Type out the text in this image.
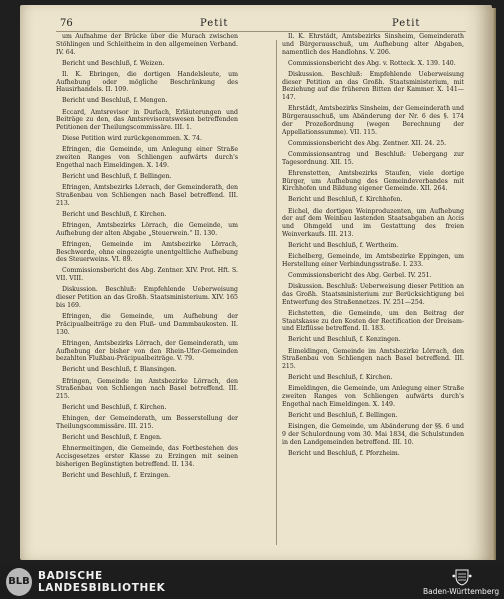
76	Petit	Petit

um Aufnahme der Brücke über die Murach zwischen Stöhlingen und Schleitheim in den allgemeinen Verband. IV. 64.

Bericht und Beschluß, f. Weizen.

Il. K. Ebringen, die dortigen Handelsleute, um Aufhebung oder mögliche Beschränkung des Hausirhandels. II. 109.

Bericht und Beschluß, f. Mengen.

Eccard, Amtsrevisor in Durlach, Erläuterungen und Beiträge zu den, das Amtsrevisoratswesen betreffenden Petitionen der Theilungscommissäre. III. 1.

Diese Petition wird zurückgenommen. X. 74.

Efringen, die Gemeinde, um Anlegung einer Straße zweiten Ranges von Schliengen aufwärts durch's Engethal nach Eimeldingen. X. 149.

Bericht und Beschluß, f. Bellingen.

Efringen, Amtsbezirks Lörrach, der Gemeinderath, den Straßenbau von Schliengen nach Basel betreffend. III. 213.

Bericht und Beschluß, f. Kirchen.

Efringen, Amtsbezirks Lörrach, die Gemeinde, um Aufhebung der alten Abgabe „Steuerwein.“ II. 130.

Efringen, Gemeinde im Amtsbezirke Lörrach, Beschwerde, ohne eingezeigte unentgeltliche Aufhebung des Steuerweins. VI. 89.

Commissionsbericht des Abg. Zentner. XIV. Prot. Hft. S. VII. VIII.

Diskussion. Beschluß: Empfehlende Ueberweisung dieser Petition an das Großh. Staatsministerium. XIV. 165 bis 169.

Efringen, die Gemeinde, um Aufhebung der Präcipualbeiträge zu den Fluß- und Dammbaukosten. II. 130.

Efringen, Amtsbezirks Lörrach, der Gemeinderath, um Aufhebung der bisher von den Rhein-Ufer-Gemeinden bezahlten Flußbau-Präcipualbeiträge. V. 79.

Bericht und Beschluß, f. Blansingen.

Efringen, Gemeinde im Amtsbezirke Lörrach, den Straßenbau von Schliengen nach Basel betreffend. III. 215.

Bericht und Beschluß, f. Kirchen.

Ehingen, der Gemeinderath, um Besserstellung der Theilungscommissäre. III. 215.

Bericht und Beschluß, f. Engen.

Ehnermeitingen, die Gemeinde, das Fortbestehen des Accisgesetzes erster Klasse zu Erzingen mit seinen bisherigen Begünstigten betreffend. II. 134.

Bericht und Beschluß, f. Erzingen.

Il. K. Ehrstädt, Amtsbezirks Sinsheim, Gemeinderath und Bürgerausschuß, um Aufhebung alter Abgaben, namentlich des Handlohns. V. 206.

Commissionsbericht des Abg. v. Rotteck. X. 139. 140.

Diskussion. Beschluß: Empfehlende Ueberweisung dieser Petition an das Großh. Staatsministerium, mit Beziehung auf die früheren Bitten der Kammer. X. 141—147.

Ehrstädt, Amtsbezirks Sinsheim, der Gemeinderath und Bürgerausschuß, um Abänderung der Nr. 6 des §. 174 der Prozeßordnung (wegen Berechnung der Appellationssumme). VII. 115.

Commissionsbericht des Abg. Zentner. XII. 24. 25.

Commissionsantrag und Beschluß: Uebergang zur Tagesordnung. XII. 15.

Ehrenstetten, Amtsbezirks Staufen, viele dortige Bürger, um Aufhebung des Gemeindeverbandes mit Kirchhofen und Bildung eigener Gemeinde. XII. 264.

Bericht und Beschluß, f. Kirchhofen.

Eichel, die dortigen Weinproduzenten, um Aufhebung der auf dem Weinbau lastenden Staatsabgaben an Accis und Ohmgeld und im Gestattung des freien Weinverkaufs. III. 213.

Bericht und Beschluß, f. Wertheim.

Eichelberg, Gemeinde, im Amtsbezirke Eppingen, um Herstellung einer Verbindungsstraße. I. 233.

Commissionsbericht des Abg. Gerbel. IV. 251.

Diskussion. Beschluß: Ueberweisung dieser Petition an das Großh. Staatsministerium zur Berücksichtigung bei Entwerfung des Straßennetzes. IV. 251—254.

Eichstetten, die Gemeinde, um den Beitrag der Staatskasse zu den Kosten der Rectification der Dreisam- und Elzflüsse betreffend. II. 183.

Bericht und Beschluß, f. Kenzingen.

Eimeldingen, Gemeinde im Amtsbezirke Lörrach, den Straßenbau von Schliengen nach Basel betreffend. III. 215.

Bericht und Beschluß, f. Kirchen.

Eimeldingen, die Gemeinde, um Anlegung einer Straße zweiten Ranges von Schliengen aufwärts durch's Engethal nach Eimeldingen. X. 149.

Bericht und Beschluß, f. Bellingen.

Eisingen, die Gemeinde, um Abänderung der §§. 6 und 9 der Schulordnung vom 30. Mai 1834, die Schulstunden in den Landgemeinden betreffend. III. 10.

Bericht und Beschluß, f. Pforzheim.

BLB BADISCHE
LANDESBIBLIOTHEK	Baden-Württemberg
